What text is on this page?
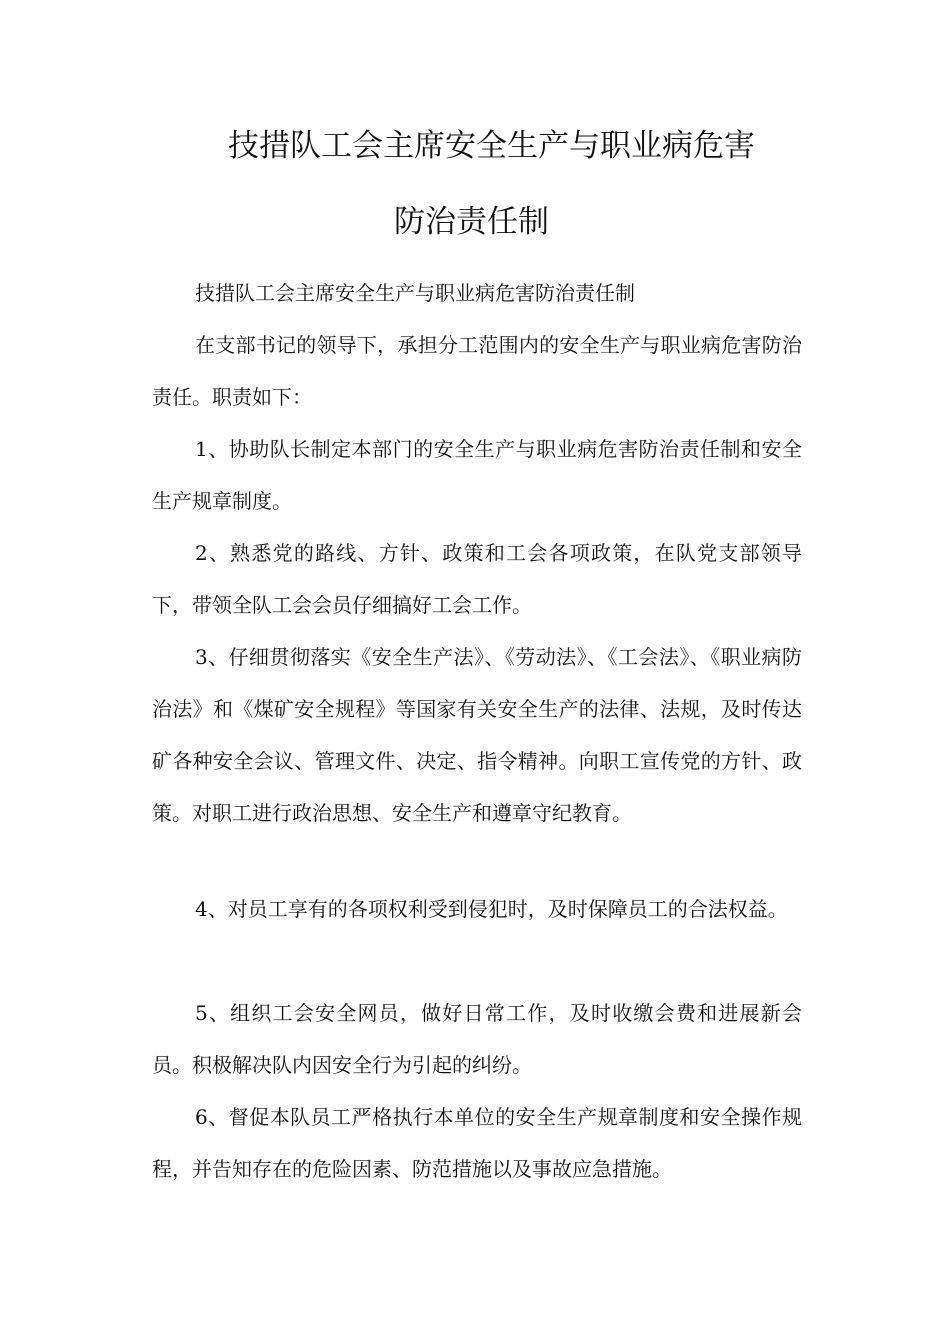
技措队工会主席安全生产与职业病危害
防治责任制

技措队工会主席安全生产与职业病危害防治责任制

在支部书记的领导下，承担分工范围内的安全生产与职业病危害防治责任。职责如下：

1、协助队长制定本部门的安全生产与职业病危害防治责任制和安全生产规章制度。

2、熟悉党的路线、方针、政策和工会各项政策，在队党支部领导下，带领全队工会会员仔细搞好工会工作。

3、仔细贯彻落实《安全生产法》、《劳动法》、《工会法》、《职业病防治法》和《煤矿安全规程》等国家有关安全生产的法律、法规，及时传达矿各种安全会议、管理文件、决定、指令精神。向职工宣传党的方针、政策。对职工进行政治思想、安全生产和遵章守纪教育。

4、对员工享有的各项权利受到侵犯时，及时保障员工的合法权益。

5、组织工会安全网员，做好日常工作，及时收缴会费和进展新会员。积极解决队内因安全行为引起的纠纷。

6、督促本队员工严格执行本单位的安全生产规章制度和安全操作规程，并告知存在的危险因素、防范措施以及事故应急措施。
